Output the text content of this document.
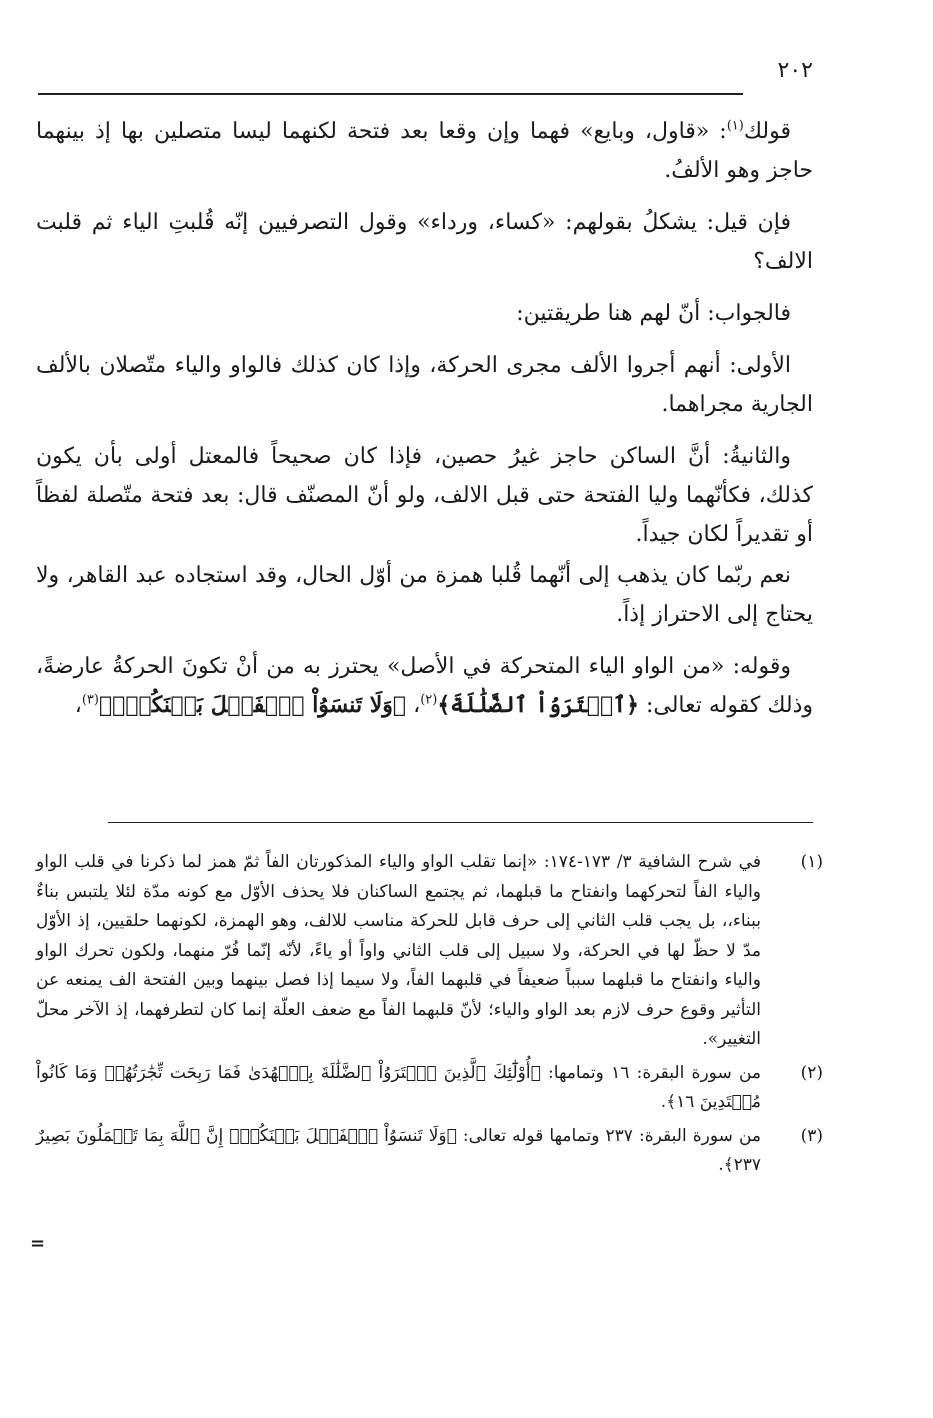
٢٠٢

قولك$^{(١)}$: «قاول، وبايع» فهما وإن وقعا بعد فتحة لكنهما ليسا متصلين بها إذ بينهما حاجز وهو الألفُ.

فإن قيل: يشكلُ بقولهم: «كساء، ورداء» وقول التصرفيين إنّه قُلبتِ الياء ثم قلبت الالف؟

فالجواب: أنّ لهم هنا طريقتين:

الأولى: أنهم أجروا الألف مجرى الحركة، وإذا كان كذلك فالواو والياء متّصلان بالألف الجارية مجراهما.

والثانيةُ: أنَّ الساكن حاجز غيرُ حصين، فإذا كان صحيحاً فالمعتل أولى بأن يكون كذلك، فكأنّهما وليا الفتحة حتى قبل الالف، ولو أنّ المصنّف قال: بعد فتحة متّصلة لفظاً أو تقديراً لكان جيداً.

نعم ربّما كان يذهب إلى أنّهما قُلبا همزة من أوّل الحال، وقد استجاده عبد القاهر، ولا يحتاج إلى الاحتراز إذاً.

وقوله: «من الواو الياء المتحركة في الأصل» يحترز به من أنْ تكونَ الحركةُ عارضةً، وذلك كقوله تعالى: ﴿ٱشۡتَرَوُاْ ٱلضَّلَٰلَةَ﴾$^{(٢)}$، ﴿وَلَا تَنسَوُاْ ٱلۡفَضۡلَ بَيۡنَكُمۡۚ﴾$^{(٣)}$،

(١)
في شرح الشافية ٣/ ١٧٣-١٧٤: «إنما تقلب الواو والياء المذكورتان الفاً ثمّ همز لما ذكرنا في قلب الواو والياء الفاً لتحركهما وانفتاح ما قبلهما، ثم يجتمع الساكنان فلا يحذف الأوّل مع كونه مدّة لئلا يلتبس بناءٌ ببناء،، بل يجب قلب الثاني إلى حرف قابل للحركة مناسب للالف، وهو الهمزة، لكونهما حلقيين، إذ الأوّل مدّ لا حظّ لها في الحركة، ولا سبيل إلى قلب الثاني واواً أو ياءً، لأنّه إنّما فُرّ منهما، ولكون تحرك الواو والياء وانفتاح ما قبلهما سبباً ضعيفاً في قلبهما الفاً، ولا سيما إذا فصل بينهما وبين الفتحة الف يمنعه عن التأثير وقوع حرف لازم بعد الواو والياء؛ لأنّ قلبهما الفاً مع ضعف العلّة إنما كان لتطرفهما، إذ الآخر محلّ التغيير».
(٢)
من سورة البقرة: ١٦ وتمامها: ﴿أُوْلَٰٓئِكَ ٱلَّذِينَ ٱشۡتَرَوُاْ ٱلضَّلَٰلَةَ بِٱلۡهُدَىٰ فَمَا رَبِحَت تِّجَٰرَتُهُمۡ وَمَا كَانُواْ مُهۡتَدِينَ ١٦﴾.
(٣)
من سورة البقرة: ٢٣٧ وتمامها قوله تعالى: ﴿وَلَا تَنسَوُاْ ٱلۡفَضۡلَ بَيۡنَكُمۡۚ إِنَّ ٱللَّهَ بِمَا تَعۡمَلُونَ بَصِيرٌ ٢٣٧﴾.
=
